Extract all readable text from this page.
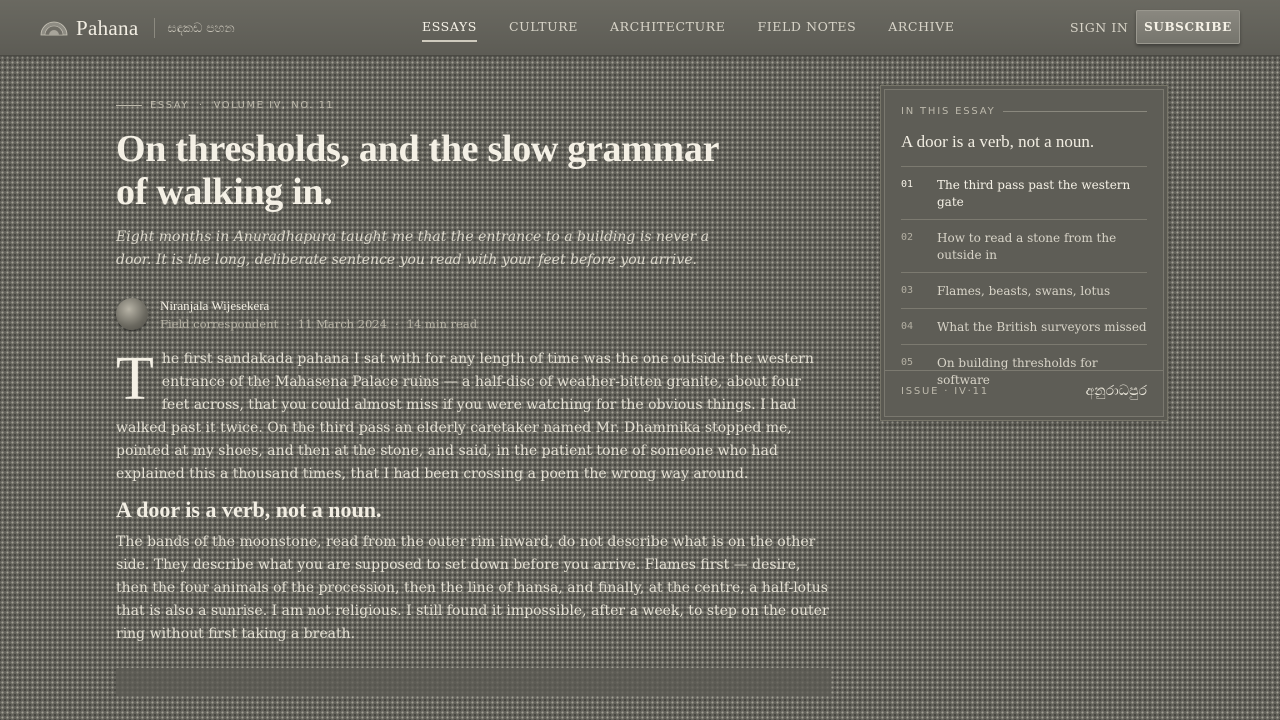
Pahana සඳකඩ පහන	ESSAYS	CULTURE	ARCHITECTURE	FIELD NOTES	ARCHIVE	SIGN IN	SUBSCRIBE
ESSAY · VOLUME IV, NO. 11
On thresholds, and the slow grammar of walking in.

Eight months in Anuradhapura taught me that the entrance to a building is never a door. It is the long, deliberate sentence you read with your feet before you arrive.

Niranjala Wijesekera
Field correspondent · 11 March 2024 · 14 min read

T he first sandakada pahana I sat with for any length of time was the one outside the western entrance of the Mahasena Palace ruins — a half-disc of weather-bitten granite, about four feet across, that you could almost miss if you were watching for the obvious things. I had walked past it twice. On the third pass an elderly caretaker named Mr. Dhammika stopped me, pointed at my shoes, and then at the stone, and said, in the patient tone of someone who had explained this a thousand times, that I had been crossing a poem the wrong way around.

A door is a verb, not a noun.

The bands of the moonstone, read from the outer rim inward, do not describe what is on the other side. They describe what you are supposed to set down before you arrive. Flames first — desire, then the four animals of the procession, then the line of hansa, and finally, at the centre, a half-lotus that is also a sunrise. I am not religious. I still found it impossible, after a week, to step on the outer ring without first taking a breath.

IN THIS ESSAY
A door is a verb, not a noun.
01	The third pass past the western gate
02	How to read a stone from the outside in
03	Flames, beasts, swans, lotus
04	What the British surveyors missed
05	On building thresholds for software
ISSUE · IV·11	අනුරාධපුර
